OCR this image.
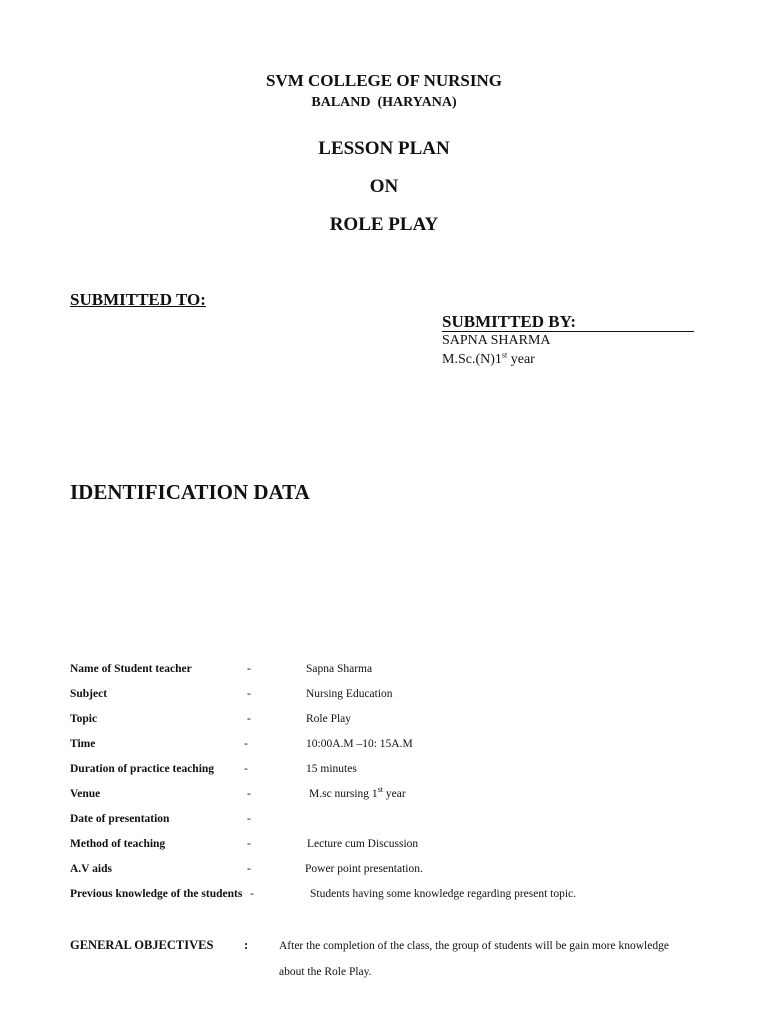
SVM COLLEGE OF NURSING
BALAND  (HARYANA)
LESSON PLAN
ON
ROLE PLAY
SUBMITTED TO:
SUBMITTED BY:
SAPNA SHARMA
M.Sc.(N)1st year
IDENTIFICATION DATA
Name of Student teacher	-	Sapna Sharma
Subject	-	Nursing Education
Topic	-	Role Play
Time	-	10:00A.M –10: 15A.M
Duration of practice teaching	-	15 minutes
Venue	-	M.sc nursing 1st year
Date of presentation	-
Method of teaching	-	Lecture cum Discussion
A.V aids	-	Power point presentation.
Previous knowledge of the students -	Students having some knowledge regarding present topic.
GENERAL OBJECTIVES :	After the completion of the class, the group of students will be gain more knowledge
about the Role Play.
